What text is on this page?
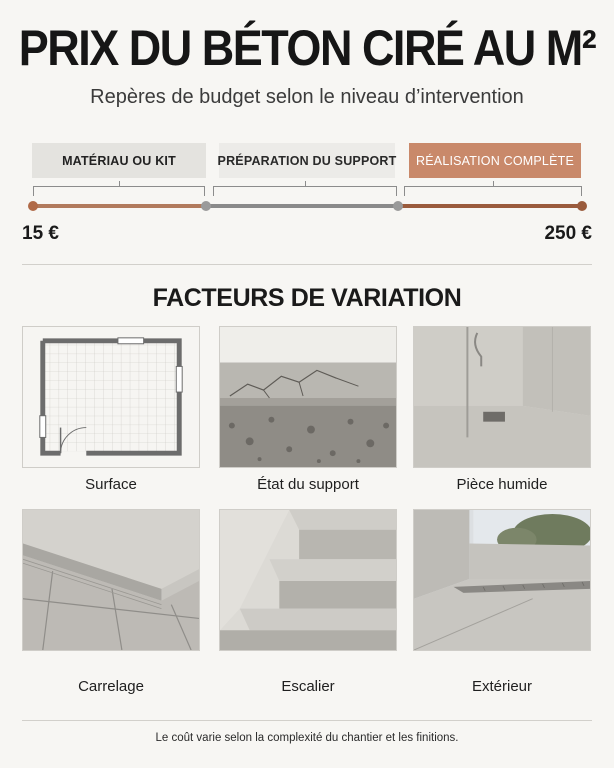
PRIX DU BÉTON CIRÉ AU M²
Repères de budget selon le niveau d’intervention
MATÉRIAU OU KIT	PRÉPARATION DU SUPPORT	RÉALISATION COMPLÈTE
15 €	250 €
FACTEURS DE VARIATION
Surface	État du support	Pièce humide
Carrelage	Escalier	Extérieur
Le coût varie selon la complexité du chantier et les finitions.
